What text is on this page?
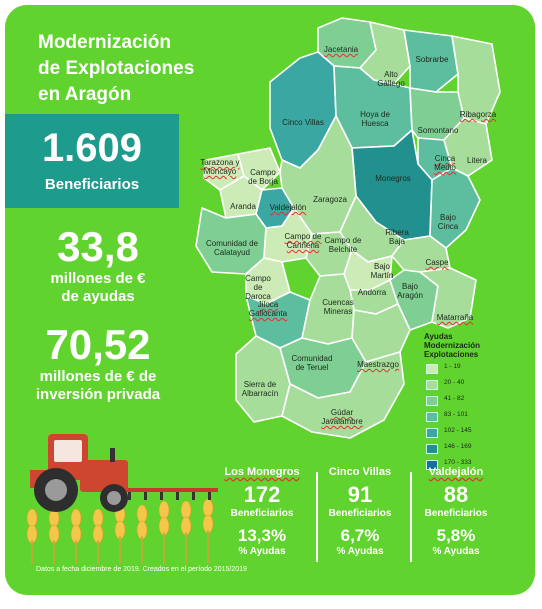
Modernización
de Explotaciones
en Aragón
1.609
Beneficiarios
33,8
millones de €
de ayudas
70,52
millones de € de
inversión privada
Jacetania
Alto Gállego
Sobrarbe
Cinco Villas
Hoya de Huesca
Ribagorza
Somontano
Cinca Medio
Litera
Tarazona y Moncayo	Campo de Borja	Monegros
Aranda Valdejalón
Zaragoza
Bajo Cinca
Comunidad de Calatayud
Campo de Cariñena
Campo de Belchite
Ribera Baja
Caspe
Bajo Martín
Campo de Daroca	Andorra
Bajo Aragón
Jiloca Gallocanta
Cuencas Mineras
Matarraña
Comunidad de Teruel	Maestrazgo
Sierra de Albarracín
Gúdar Javalambre
Ayudas
Modernización
Explotaciones
1 - 19
20 - 40
41 - 82
83 - 101
102 - 145
146 - 169
170 - 333
Los Monegros
172
Beneficiarios
13,3%
% Ayudas
Cinco Villas
91
Beneficiarios
6,7%
% Ayudas
Valdejalón
88
Beneficiarios
5,8%
% Ayudas
Datos a fecha diciembre de 2019. Creados en el período 2015/2019
